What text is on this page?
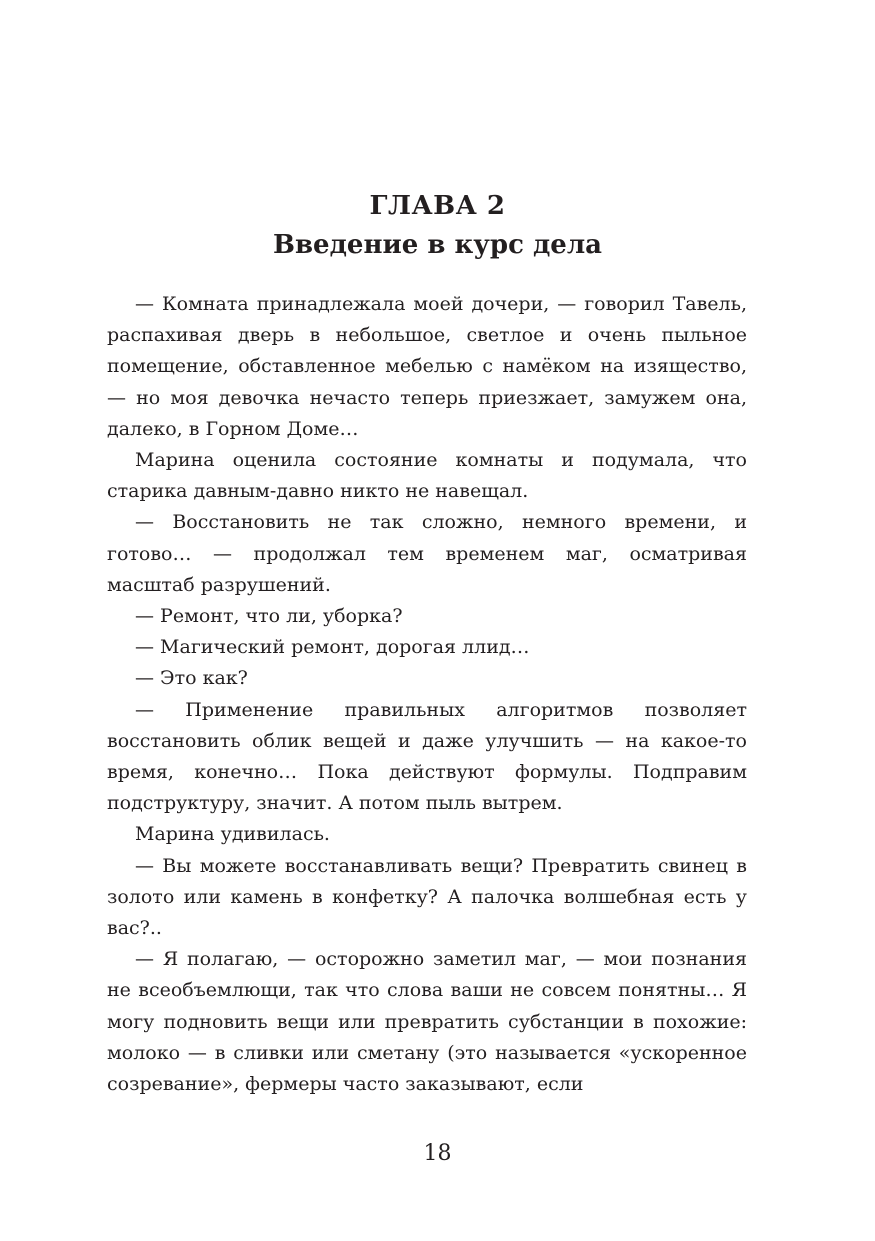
ГЛАВА 2
Введение в курс дела

— Комната принадлежала моей дочери, — говорил Тавель, распахивая дверь в небольшое, светлое и очень пыльное помещение, обставленное мебелью с намёком на изящество, — но моя девочка нечасто теперь приезжает, замужем она, далеко, в Горном Доме…

Марина оценила состояние комнаты и подумала, что старика давным-давно никто не навещал.

— Восстановить не так сложно, немного времени, и готово… — продолжал тем временем маг, осматривая масштаб разрушений.

— Ремонт, что ли, уборка?

— Магический ремонт, дорогая ллид…

— Это как?

— Применение правильных алгоритмов позволяет восстановить облик вещей и даже улучшить — на какое-то время, конечно… Пока действуют формулы. Подправим подструктуру, значит. А потом пыль вытрем.

Марина удивилась.

— Вы можете восстанавливать вещи? Превратить свинец в золото или камень в конфетку? А палочка волшебная есть у вас?..

— Я полагаю, — осторожно заметил маг, — мои познания не всеобъемлющи, так что слова ваши не совсем понятны… Я могу подновить вещи или превратить субстанции в похожие: молоко — в сливки или сметану (это называется «ускоренное созревание», фермеры часто заказывают, если

18
